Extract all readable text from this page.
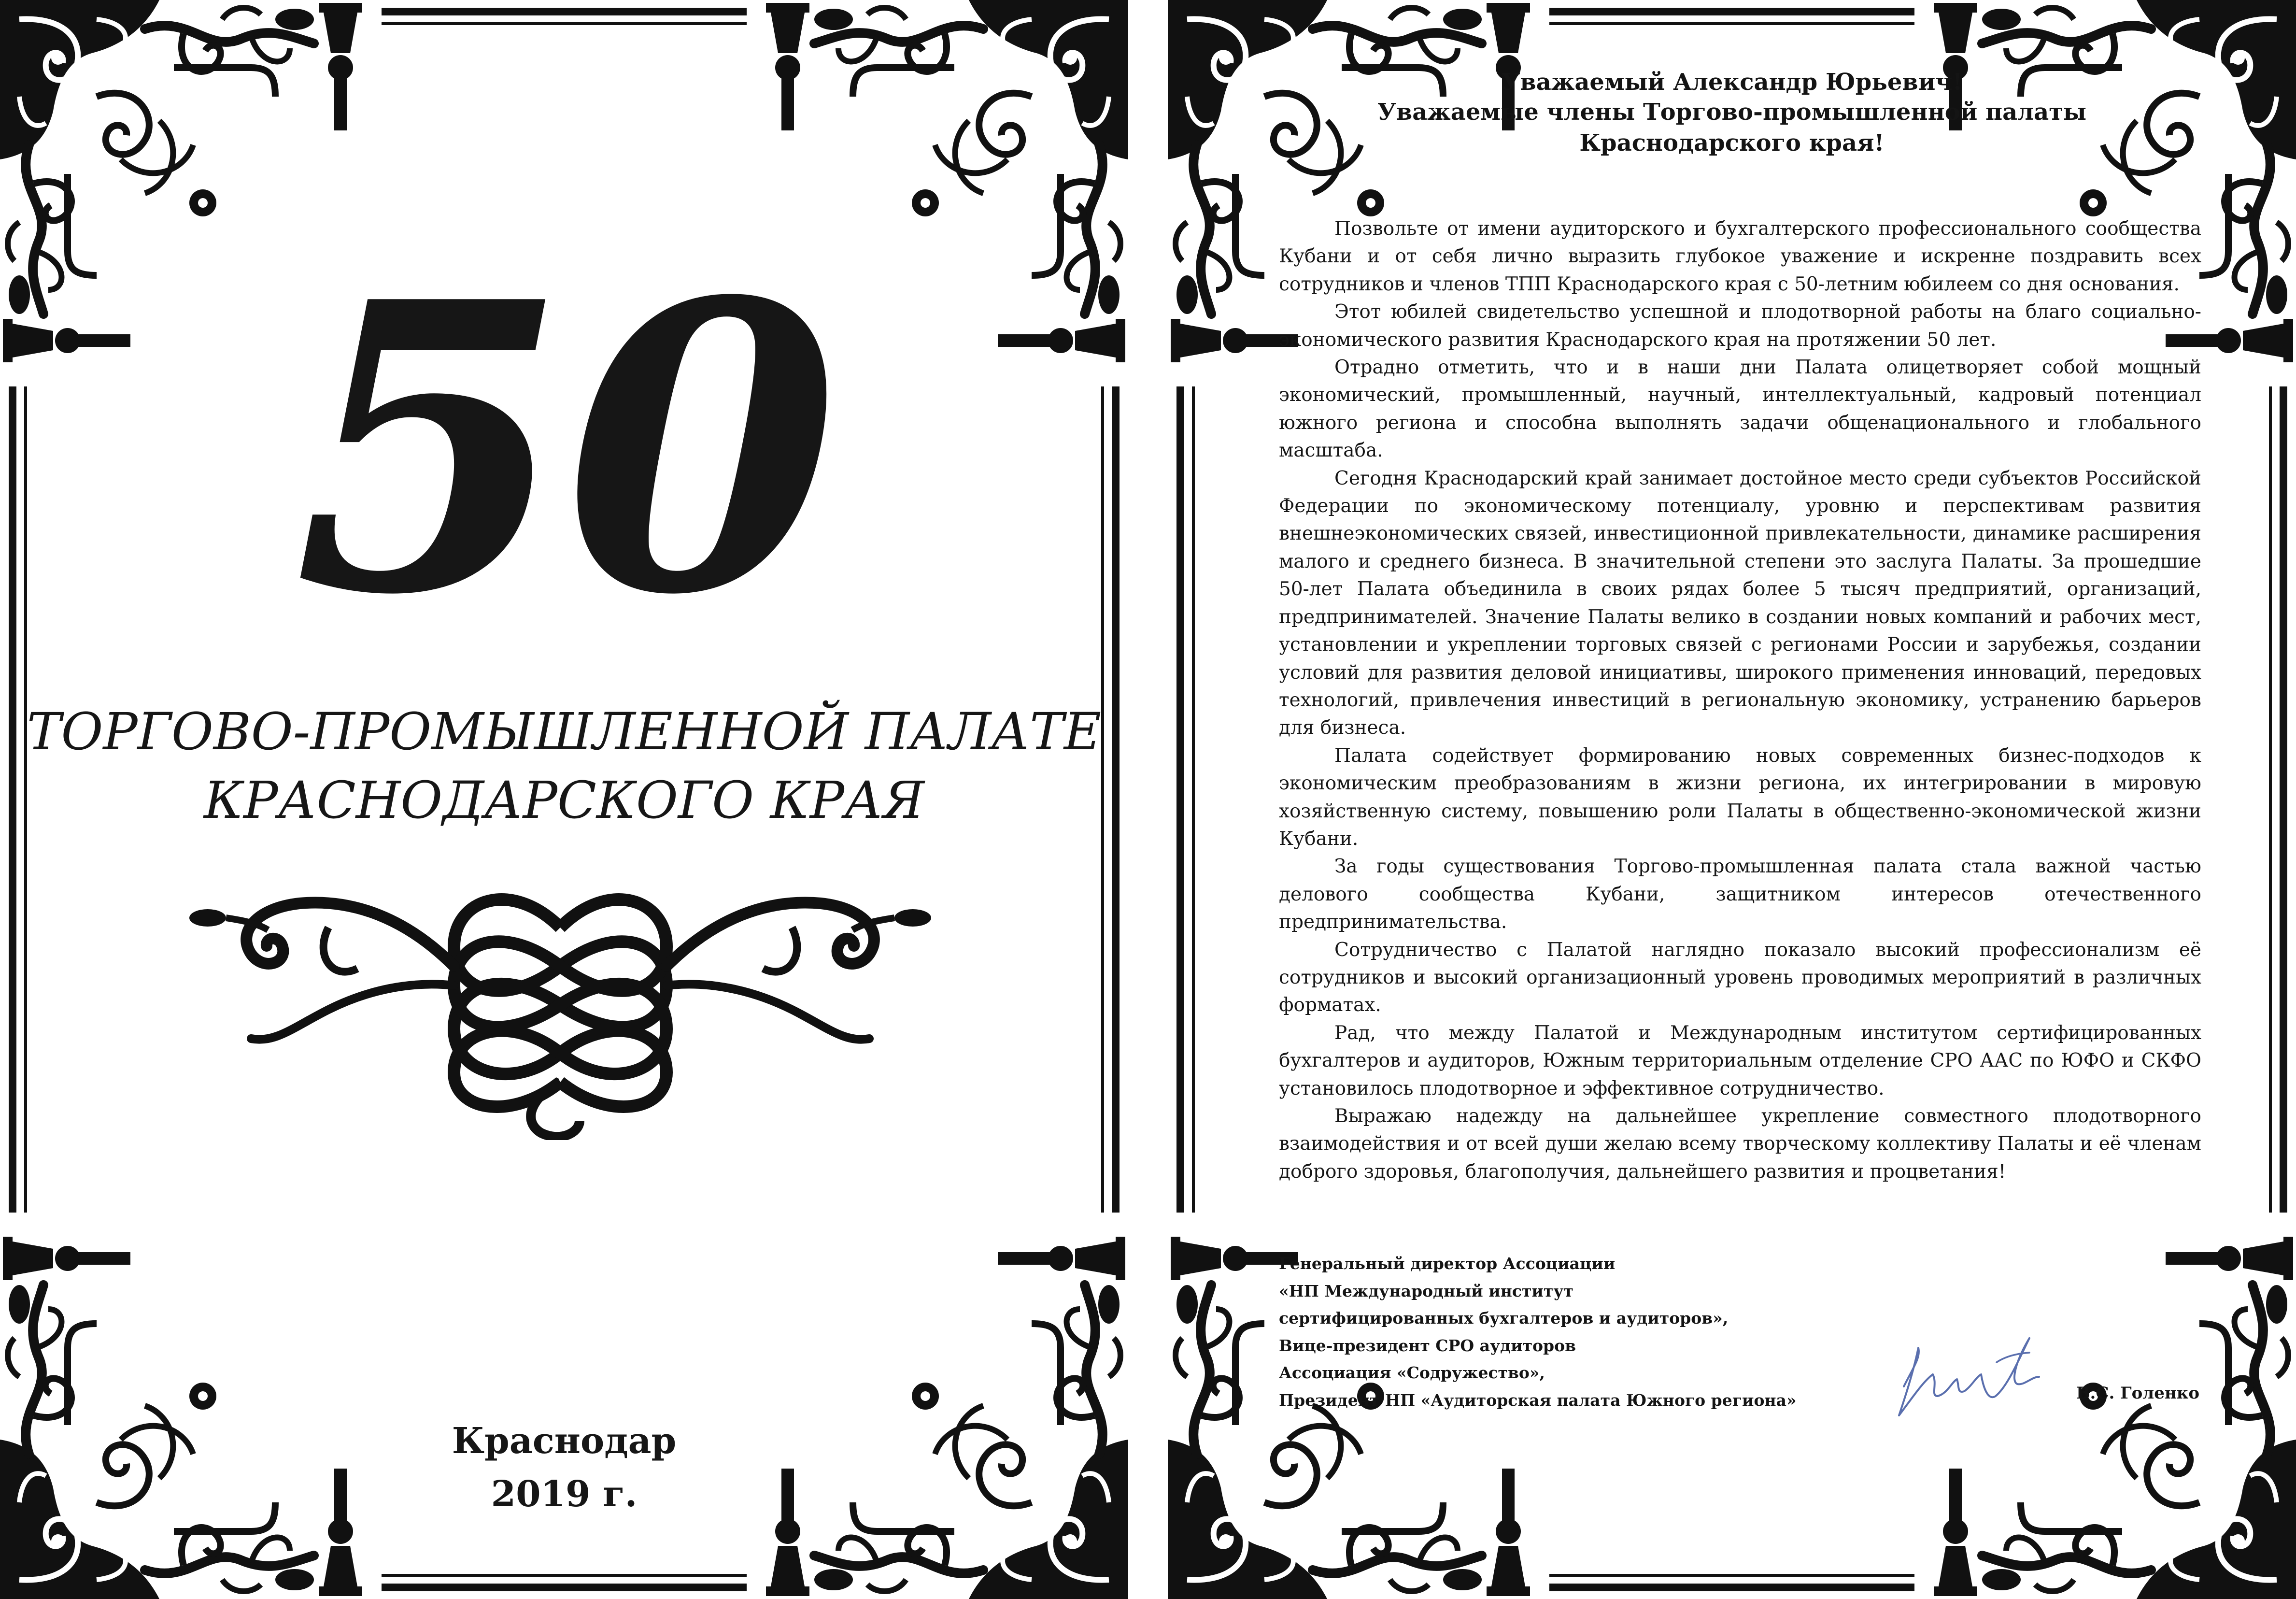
50
ТОРГОВО-ПРОМЫШЛЕННОЙ ПАЛАТЕ
КРАСНОДАРСКОГО КРАЯ
Краснодар
2019 г.
Уважаемый Александр Юрьевич!
Уважаемые члены Торгово-промышленной палаты
Краснодарского края!

Позвольте от имени аудиторского и бухгалтерского профессионального сообщества Кубани и от себя лично выразить глубокое уважение и искренне поздравить всех сотрудников и членов ТПП Краснодарского края с 50-летним юбилеем со дня основания.

Этот юбилей свидетельство успешной и плодотворной работы на благо социально-экономического развития Краснодарского края на протяжении 50 лет.

Отрадно отметить, что и в наши дни Палата олицетворяет собой мощный экономический, промышленный, научный, интеллектуальный, кадровый потенциал южного региона и способна выполнять задачи общенационального и глобального масштаба.

Сегодня Краснодарский край занимает достойное место среди субъектов Российской Федерации по экономическому потенциалу, уровню и перспективам развития внешнеэкономических связей, инвестиционной привлекательности, динамике расширения малого и среднего бизнеса. В значительной степени это заслуга Палаты. За прошедшие 50-лет Палата объединила в своих рядах более 5 тысяч предприятий, организаций, предпринимателей. Значение Палаты велико в создании новых компаний и рабочих мест, установлении и укреплении торговых связей с регионами России и зарубежья, создании условий для развития деловой инициативы, широкого применения инноваций, передовых технологий, привлечения инвестиций в региональную экономику, устранению барьеров для бизнеса.

Палата содействует формированию новых современных бизнес-подходов к экономическим преобразованиям в жизни региона, их интегрировании в мировую хозяйственную систему, повышению роли Палаты в общественно-экономической жизни Кубани.

За годы существования Торгово-промышленная палата стала важной частью делового сообщества Кубани, защитником интересов отечественного предпринимательства.

Сотрудничество с Палатой наглядно показало высокий профессионализм её сотрудников и высокий организационный уровень проводимых мероприятий в различных форматах.

Рад, что между Палатой и Международным институтом сертифицированных бухгалтеров и аудиторов, Южным территориальным отделение СРО ААС по ЮФО и СКФО установилось плодотворное и эффективное сотрудничество.

Выражаю надежду на дальнейшее укрепление совместного плодотворного взаимодействия и от всей души желаю всему творческому коллективу Палаты и её членам доброго здоровья, благополучия, дальнейшего развития и процветания!

Генеральный директор Ассоциации
«НП Международный институт
сертифицированных бухгалтеров и аудиторов»,
Вице-президент СРО аудиторов
Ассоциация «Содружество»,
Президент НП «Аудиторская палата Южного региона»	В.С. Голенко
